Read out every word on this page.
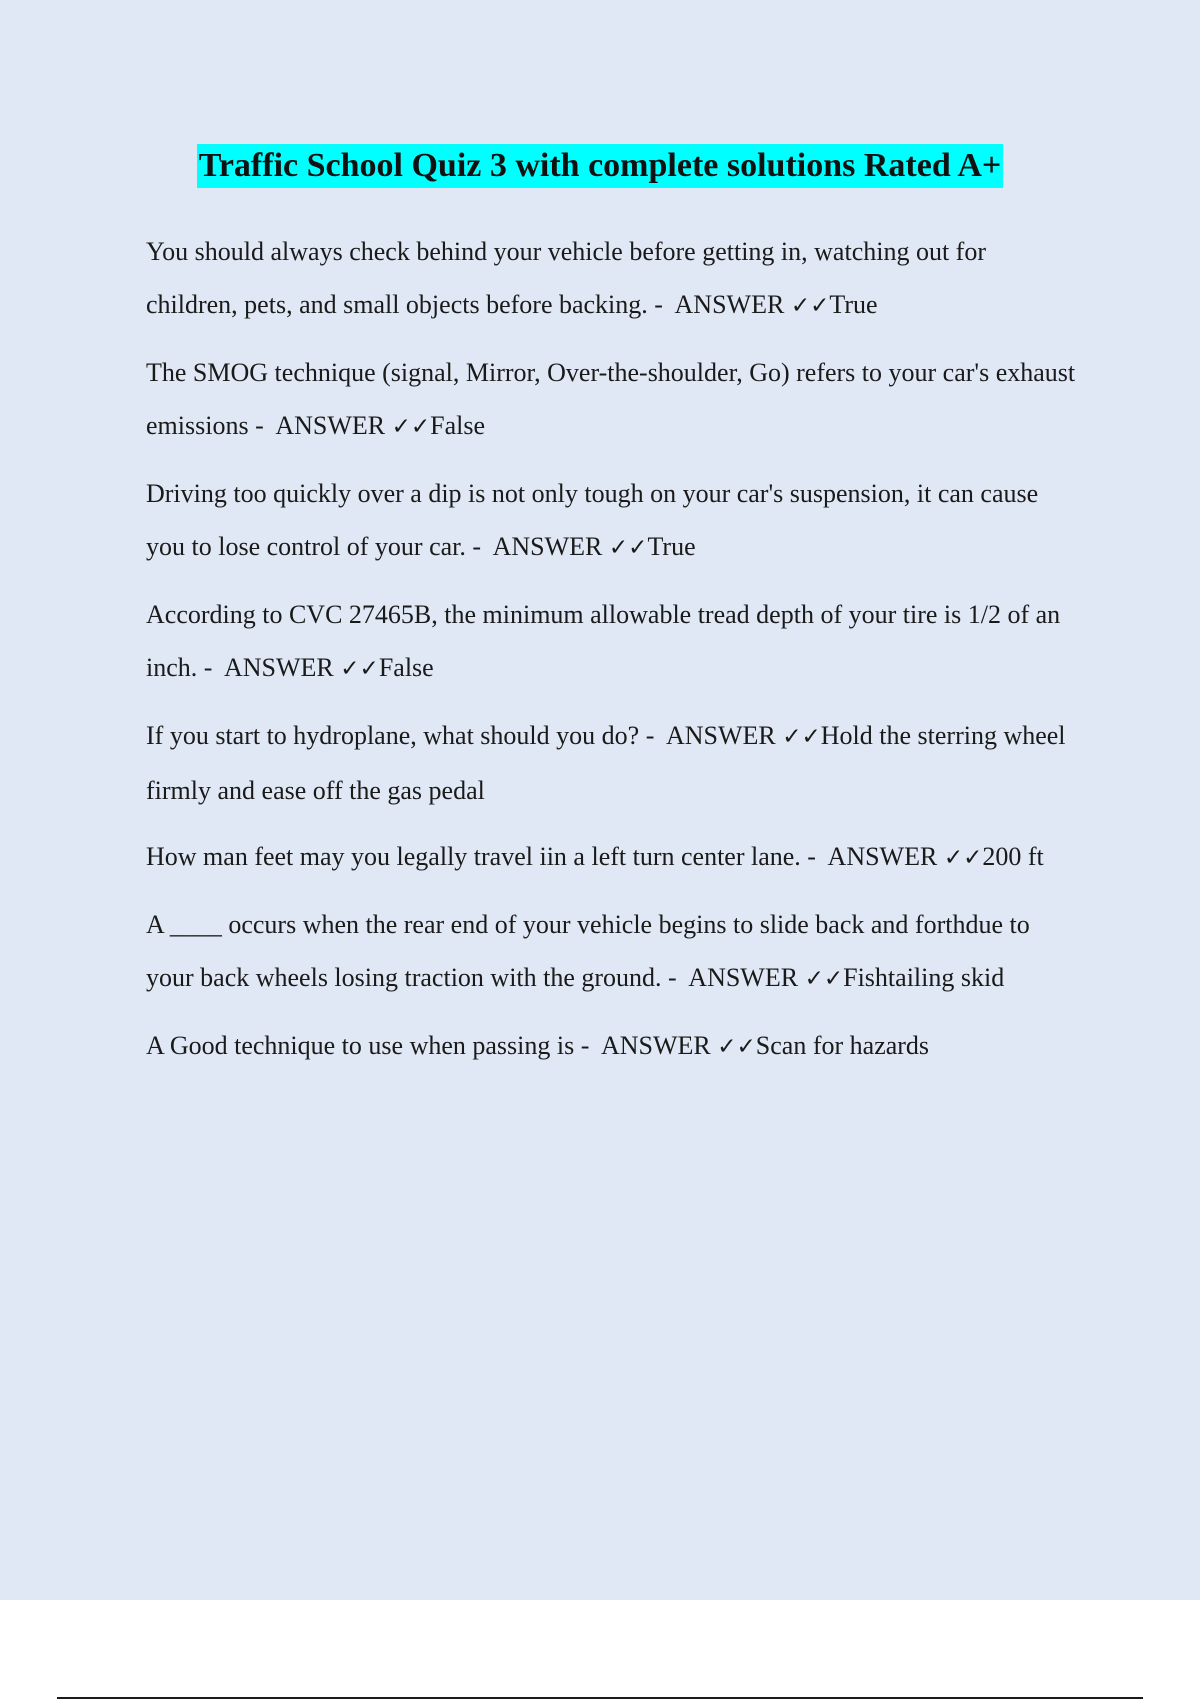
Traffic School Quiz 3 with complete solutions Rated A+

You should always check behind your vehicle before getting in, watching out for children, pets, and small objects before backing. - ANSWER ✓✓True

The SMOG technique (signal, Mirror, Over-the-shoulder, Go) refers to your car's exhaust emissions - ANSWER ✓✓False

Driving too quickly over a dip is not only tough on your car's suspension, it can cause you to lose control of your car. - ANSWER ✓✓True

According to CVC 27465B, the minimum allowable tread depth of your tire is 1/2 of an inch. - ANSWER ✓✓False

If you start to hydroplane, what should you do? - ANSWER ✓✓Hold the sterring wheel firmly and ease off the gas pedal

How man feet may you legally travel iin a left turn center lane. - ANSWER ✓✓200 ft

A ____ occurs when the rear end of your vehicle begins to slide back and forthdue to your back wheels losing traction with the ground. - ANSWER ✓✓Fishtailing skid

A Good technique to use when passing is - ANSWER ✓✓Scan for hazards
